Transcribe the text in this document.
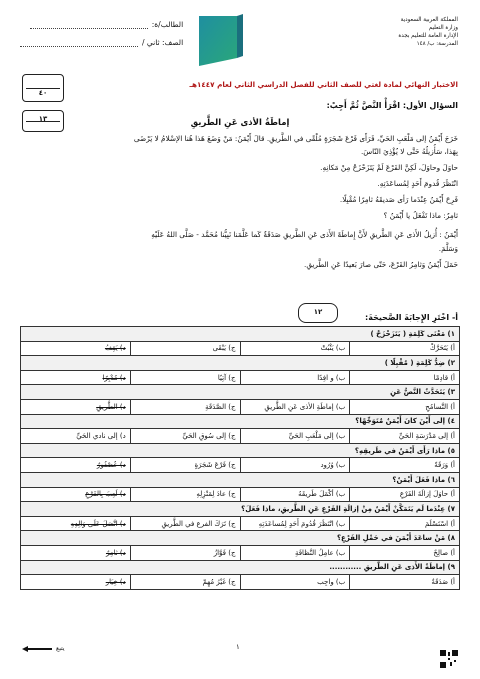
المملكة العربية السعودية
وزارة التعليم
الإدارة العامة للتعليم بجدة
المدرسة: ب/ ١٤٨
الطالب/ة:
الصف: ثاني /
الاختبار النهائي لمادة لغتي للصف الثاني للفصل الدراسي الثاني لعام ١٤٤٧هـ
٤٠
١٣
السؤال الأول: اقْرَأْ النَّصَّ ثُمَّ أَجِبْ:
إماطَةُ الأذى عَنِ الطَّريقِ
خَرَجَ أَيْمَنُ إلى مَلْعَبِ الحَيِّ، فَرَأَى فَرْعَ شَجَرَةٍ مُلْقًى في الطَّريقِ. قالَ أَيْمَنُ: مَنْ وَضَعَ هَذا هُنا الإسْلامُ لا يَرْضَى
بِهَذا، سَأُزيلُهُ حَتَّى لا يُؤْذِيَ النّاسَ.
حاوَلَ وحاوَلَ، لَكِنَّ الفَرْعَ لَمْ يَتَزَحْزَحْ مِنْ مَكانِهِ.
انْتَظَرَ قُدومَ أَحَدٍ لِمُساعَدَتِهِ.
فَرِحَ أَيْمَنُ عِنْدَما رَأى صَديقَهُ ثامِرًا مُقْبِلًا.
ثامِرٌ: ماذا تَفْعَلُ يا أَيْمَنُ ؟
أَيْمَنُ : أُزيلُ الأَذى عَنِ الطَّريقِ لأَنَّ إِماطَةَ الأَذى عَنِ الطَّريقِ صَدَقَةٌ كَما عَلَّمَنا نَبِيُّنا مُحَمَّد - صَلَّى اللهُ عَلَيْهِ
وَسَلَّمَ.
حَمَلَ أَيْمَنُ وَثامِرُ الفَرْعَ، حَتّى صارَ بَعيدًا عَنِ الطَّريقِ.
١٢
أ- اخْتَرِ الإِجابَةَ الصَّحيحَةَ:
١) مَعْنَى كَلِمَةِ ( يَتَزَحْزَحْ )			
أ) يَتَحَرَّكْ	ب) يَثْبُتْ	ج) يَبْقَى	د) يَقِفُ
٢) ضِدُّ كَلِمَةِ ( مُقْبِلًا )			
أ) قادِمًا	ب) و افِدًا	ج) آتِيًا	د) مُدْبِرًا
٣) يَتَحَدَّثُ النَّصُّ عَنِ			
أ) التَّسامُحِ	ب) إماطَةِ الأذى عَنِ الطَّريقِ	ج) الصَّدَقَةِ	د) الطَّريقِ
٤) إلى أَيْنَ كانَ أَيْمَنُ مُتَوَجِّهًا؟			
أ) إلى مَدْرَسَةِ الحَيِّ	ب) إلى مَلْعَبِ الحَيِّ	ج) إلى سُوقِ الحَيِّ	د) إلى نادي الحَيِّ
٥) ماذا رَأَى أَيْمَنُ في طَريقِهِ؟			
أ) وَرَقَةً	ب) وُرُود	ج) فَرْعَ شَجَرَةٍ	د) عُصْفُورٌ
٦) ماذا فَعَلَ أَيْمَنُ؟			
أ) حاوَلَ إزالَةَ الفَرْعِ	ب) أكْمَلَ طَريقَهُ	ج) عادَ لِمَنْزِلِهِ	د) لَعِبَ بِالفَرْعِ
٧) عِنْدَما لَم يَتَمَكَّنْ أَيْمَنُ مِنْ إزالَةِ الفَرْعِ عَنِ الطَّريقِ، ماذا فَعَلَ؟			
أ) اسْتَسْلَمَ	ب) انْتَظَرَ قُدُومَ أَحَدٍ لِمُساعَدَتِهِ	ج) تَرَكَ الفرع في الطَّريقِ	د) اتَّصَلَ عَلَى وَالِدِهِ
٨) مَنْ ساعَدَ أَيْمَنَ في حَمْلِ الفَرْعِ؟			
أ) صالِحٌ	ب) عامِلُ النَّظافَةِ	ج) فَوَّازُ	د) ثامِرٌ
٩) إماطَةُ الأَذى عَنِ الطَّريقِ ............			
أ) صَدَقَةٌ	ب) واجِب	ج) غَيْرُ مُهِمّ	د) خِيَار
يتبع	١
